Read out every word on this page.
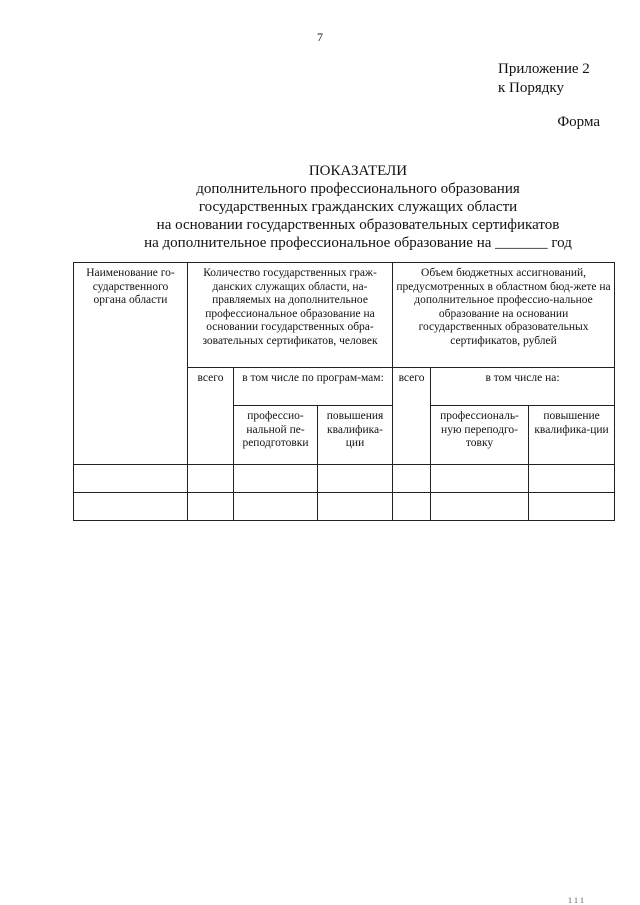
7
Приложение 2
к Порядку
Форма
ПОКАЗАТЕЛИ
дополнительного профессионального образования
государственных гражданских служащих области
на основании государственных образовательных сертификатов
на дополнительное профессиональное образование на _______ год
Наименование го-сударственного органа области	Количество государственных граж-данских служащих области, на-правляемых на дополнительное профессиональное образование на основании государственных обра-зовательных сертификатов, человек			Объем бюджетных ассигнований, предусмотренных в областном бюд-жете на дополнительное профессио-нальное образование на основании государственных образовательных сертификатов, рублей		
	всего	в том числе по програм-мам:		всего	в том числе на:	
		профессио-нальной пе-реподготовки	повышения квалифика-ции		профессиональ-ную переподго-товку	повышение квалифика-ции

1 1 1
